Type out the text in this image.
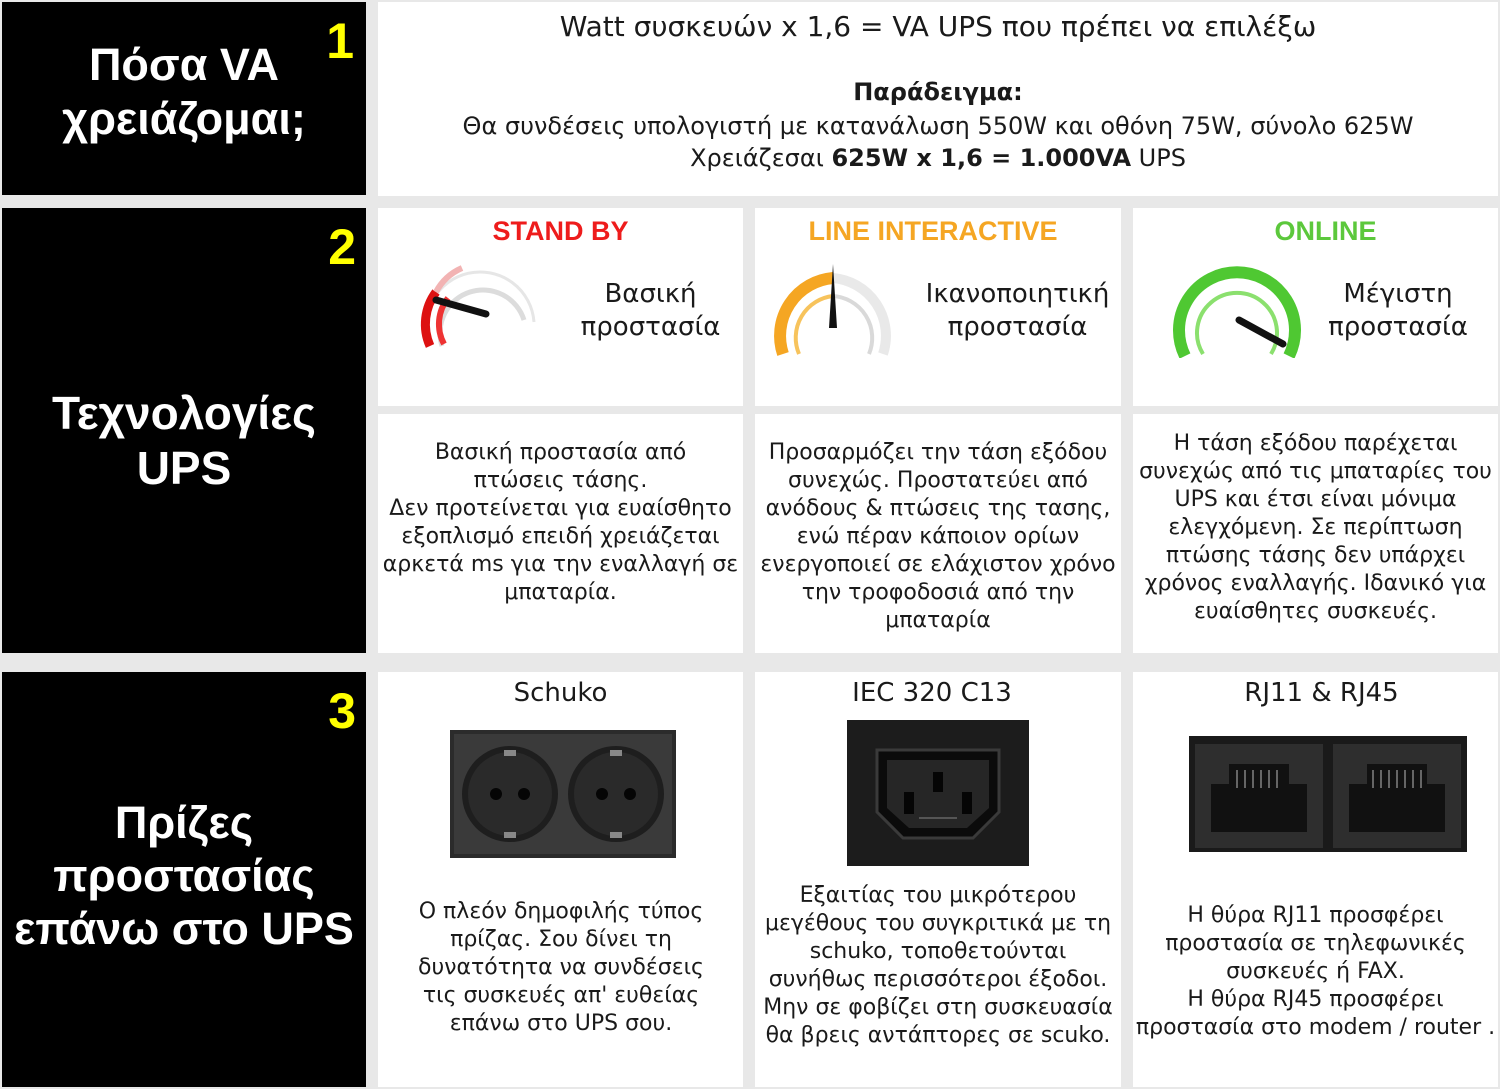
1
Πόσα VA
χρειάζομαι;
Watt συσκευών x 1,6 = VA UPS που πρέπει να επιλέξω
Παράδειγμα:
Θα συνδέσεις υπολογιστή με κατανάλωση 550W και οθόνη 75W, σύνολο 625W
Χρειάζεσαι 625W x 1,6 = 1.000VA UPS
2
Τεχνολογίες
UPS
STAND BY
Βασική
προστασία
LINE INTERACTIVE
Ικανοποιητική
προστασία
ONLINE
Μέγιστη
προστασία
Βασική προστασία από πτώσεις τάσης.
Δεν προτείνεται για ευαίσθητο εξοπλισμό επειδή χρειάζεται αρκετά ms για την εναλλαγή σε μπαταρία.
Προσαρμόζει την τάση εξόδου συνεχώς. Προστατεύει από ανόδους & πτώσεις της τασης, ενώ πέραν κάποιον ορίων ενεργοποιεί σε ελάχιστον χρόνο την τροφοδοσιά από την μπαταρία
Η τάση εξόδου παρέχεται συνεχώς από τις μπαταρίες του UPS και έτσι είναι μόνιμα ελεγχόμενη. Σε περίπτωση πτώσης τάσης δεν υπάρχει χρόνος εναλλαγής. Ιδανικό για ευαίσθητες συσκευές.
3
Πρίζες
προστασίας
επάνω στο UPS
Schuko
Ο πλεόν δημοφιλής τύπος πρίζας. Σου δίνει τη δυνατότητα να συνδέσεις τις συσκευές απ' ευθείας επάνω στο UPS σου.
IEC 320 C13
Εξαιτίας του μικρότερου μεγέθους του συγκριτικά με τη schuko, τοποθετούνται συνήθως περισσότεροι έξοδοι. Μην σε φοβίζει στη συσκευασία θα βρεις αντάπτορες σε scuko.
RJ11 & RJ45
Η θύρα RJ11 προσφέρει προστασία σε τηλεφωνικές συσκευές ή FAX.
Η θύρα RJ45 προσφέρει προστασία στο modem / router .
